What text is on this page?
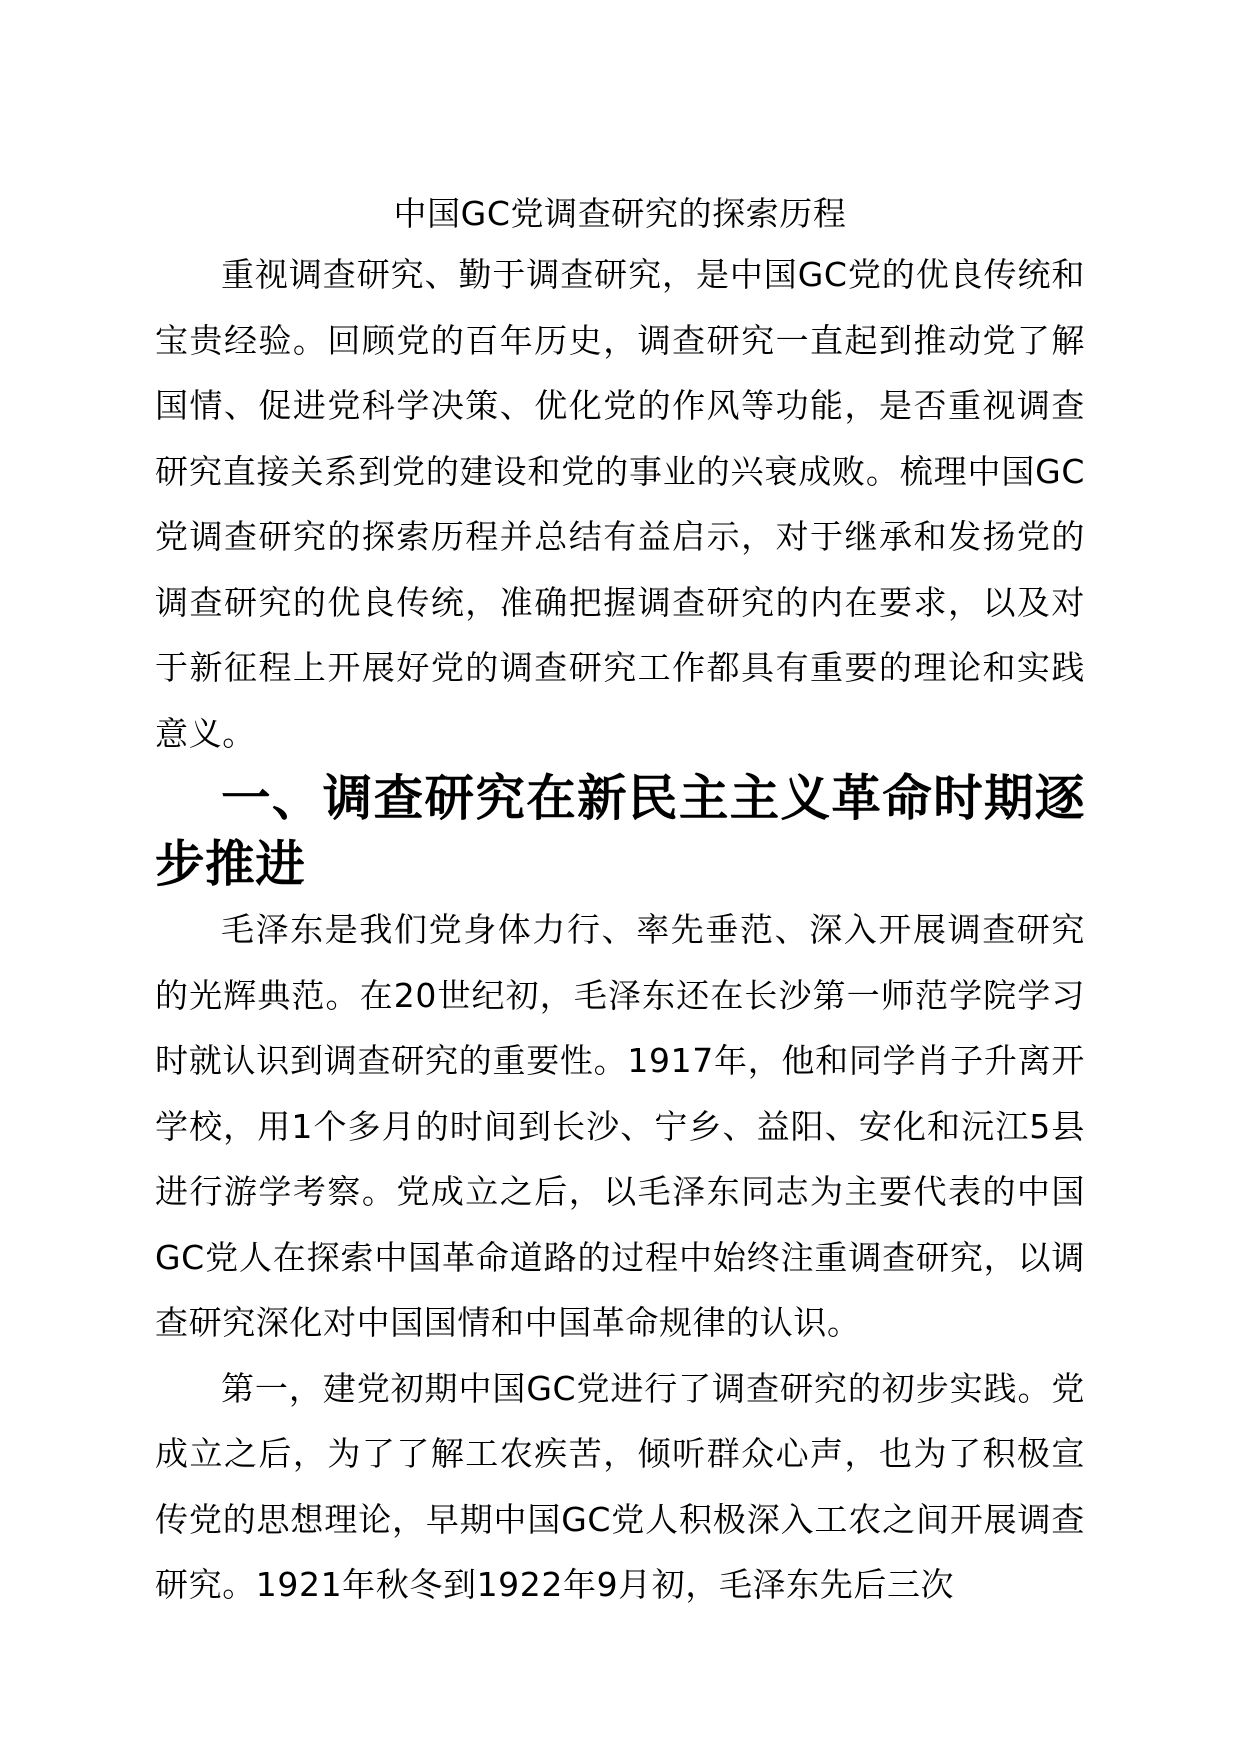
中国GC党调查研究的探索历程

重视调查研究、勤于调查研究，是中国GC党的优良传统和宝贵经验。回顾党的百年历史，调查研究一直起到推动党了解国情、促进党科学决策、优化党的作风等功能，是否重视调查研究直接关系到党的建设和党的事业的兴衰成败。梳理中国GC党调查研究的探索历程并总结有益启示，对于继承和发扬党的调查研究的优良传统，准确把握调查研究的内在要求，以及对于新征程上开展好党的调查研究工作都具有重要的理论和实践意义。

一、调查研究在新民主主义革命时期逐步推进

毛泽东是我们党身体力行、率先垂范、深入开展调查研究的光辉典范。在20世纪初，毛泽东还在长沙第一师范学院学习时就认识到调查研究的重要性。1917年，他和同学肖子升离开学校，用1个多月的时间到长沙、宁乡、益阳、安化和沅江5县进行游学考察。党成立之后，以毛泽东同志为主要代表的中国GC党人在探索中国革命道路的过程中始终注重调查研究，以调查研究深化对中国国情和中国革命规律的认识。

第一，建党初期中国GC党进行了调查研究的初步实践。党成立之后，为了了解工农疾苦，倾听群众心声，也为了积极宣传党的思想理论，早期中国GC党人积极深入工农之间开展调查研究。1921年秋冬到1922年9月初，毛泽东先后三次
